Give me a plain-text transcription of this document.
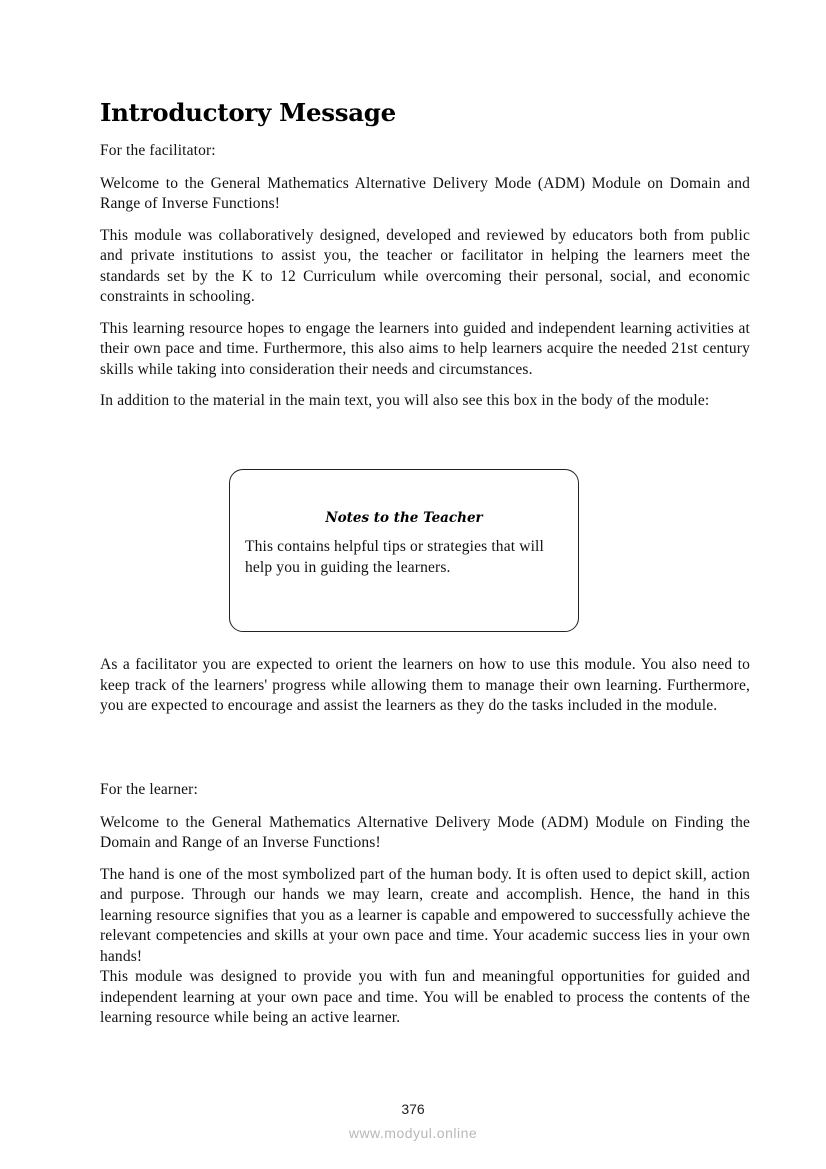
Introductory Message

For the facilitator:

Welcome to the General Mathematics Alternative Delivery Mode (ADM) Module on Domain and Range of Inverse Functions!

This module was collaboratively designed, developed and reviewed by educators both from public and private institutions to assist you, the teacher or facilitator in helping the learners meet the standards set by the K to 12 Curriculum while overcoming their personal, social, and economic constraints in schooling.

This learning resource hopes to engage the learners into guided and independent learning activities at their own pace and time. Furthermore, this also aims to help learners acquire the needed 21st century skills while taking into consideration their needs and circumstances.

In addition to the material in the main text, you will also see this box in the body of the module:

Notes to the Teacher
This contains helpful tips or strategies that will help you in guiding the learners.

As a facilitator you are expected to orient the learners on how to use this module. You also need to keep track of the learners' progress while allowing them to manage their own learning. Furthermore, you are expected to encourage and assist the learners as they do the tasks included in the module.

For the learner:

Welcome to the General Mathematics Alternative Delivery Mode (ADM) Module on Finding the Domain and Range of an Inverse Functions!

The hand is one of the most symbolized part of the human body. It is often used to depict skill, action and purpose. Through our hands we may learn, create and accomplish. Hence, the hand in this learning resource signifies that you as a learner is capable and empowered to successfully achieve the relevant competencies and skills at your own pace and time. Your academic success lies in your own hands!

This module was designed to provide you with fun and meaningful opportunities for guided and independent learning at your own pace and time. You will be enabled to process the contents of the learning resource while being an active learner.

376
www.modyul.online
